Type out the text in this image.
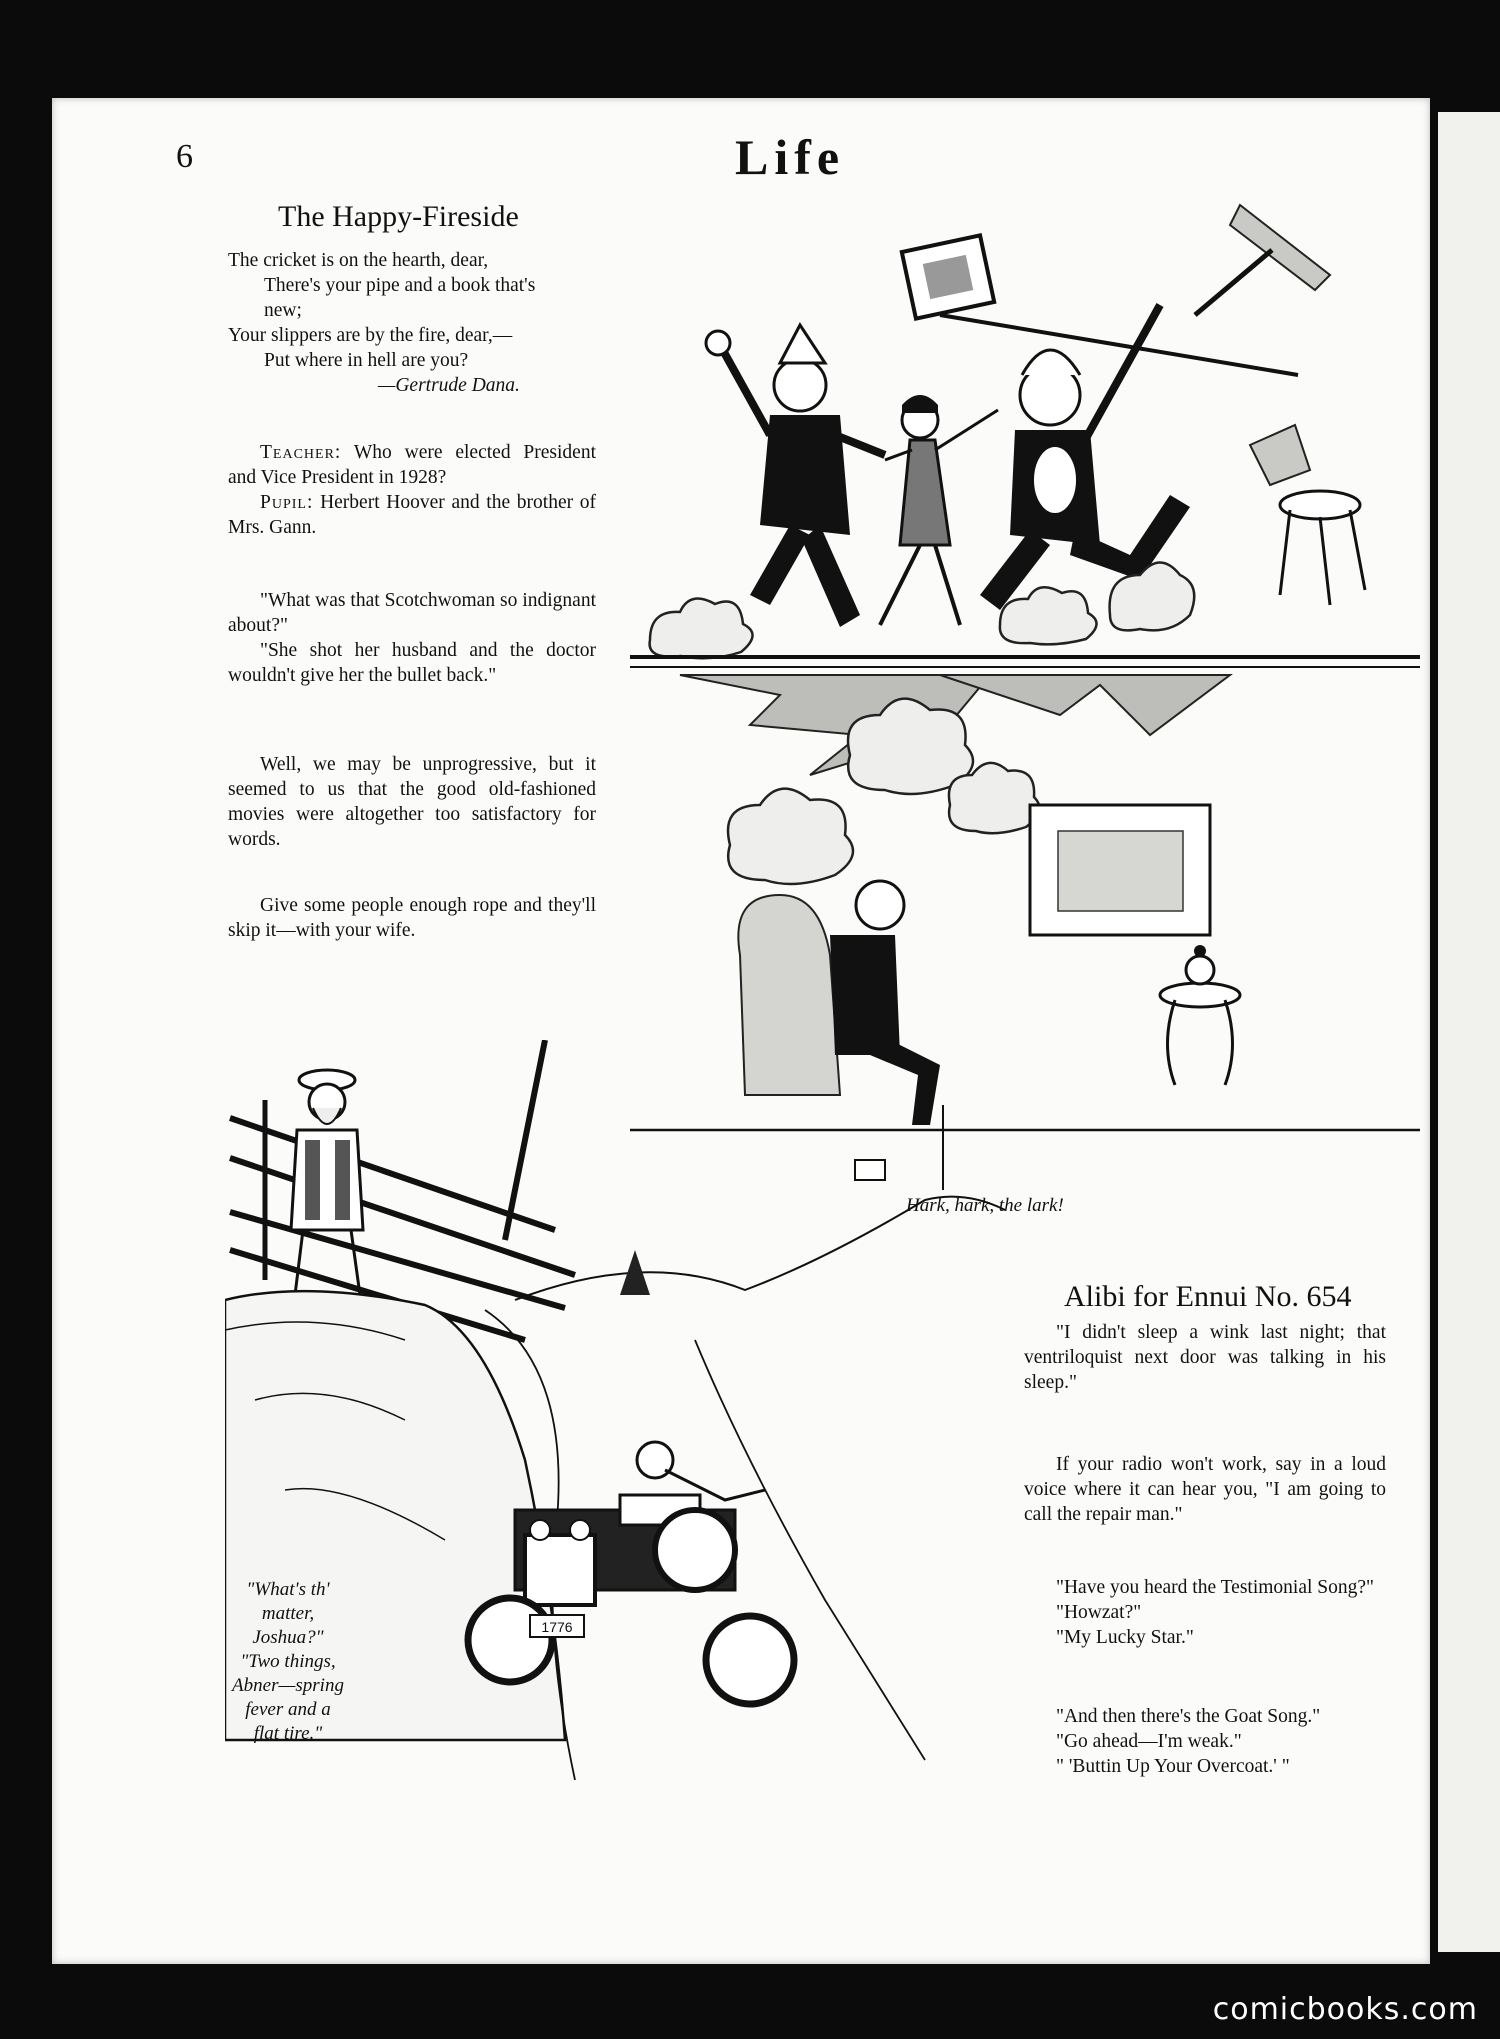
6	Life
The Happy-Fireside
The cricket is on the hearth, dear,
There's your pipe and a book that's
new;
Your slippers are by the fire, dear,—
Put where in hell are you?
—Gertrude Dana.
Teacher: Who were elected President and Vice President in 1928?
Pupil: Herbert Hoover and the brother of Mrs. Gann.
"What was that Scotchwoman so indignant about?"
"She shot her husband and the doctor wouldn't give her the bullet back."
Well, we may be unprogressive, but it seemed to us that the good old-fashioned movies were altogether too satisfactory for words.
Give some people enough rope and they'll skip it—with your wife.
Hark, hark, the lark!
1776
"What's th'
matter,
Joshua?"
"Two things,
Abner—spring
fever and a
flat tire."
Alibi for Ennui No. 654
"I didn't sleep a wink last night; that ventriloquist next door was talking in his sleep."
If your radio won't work, say in a loud voice where it can hear you, "I am going to call the repair man."
"Have you heard the Testimonial Song?"
"Howzat?"
"My Lucky Star."
"And then there's the Goat Song."
"Go ahead—I'm weak."
" 'Buttin Up Your Overcoat.' "
comicbooks.com
